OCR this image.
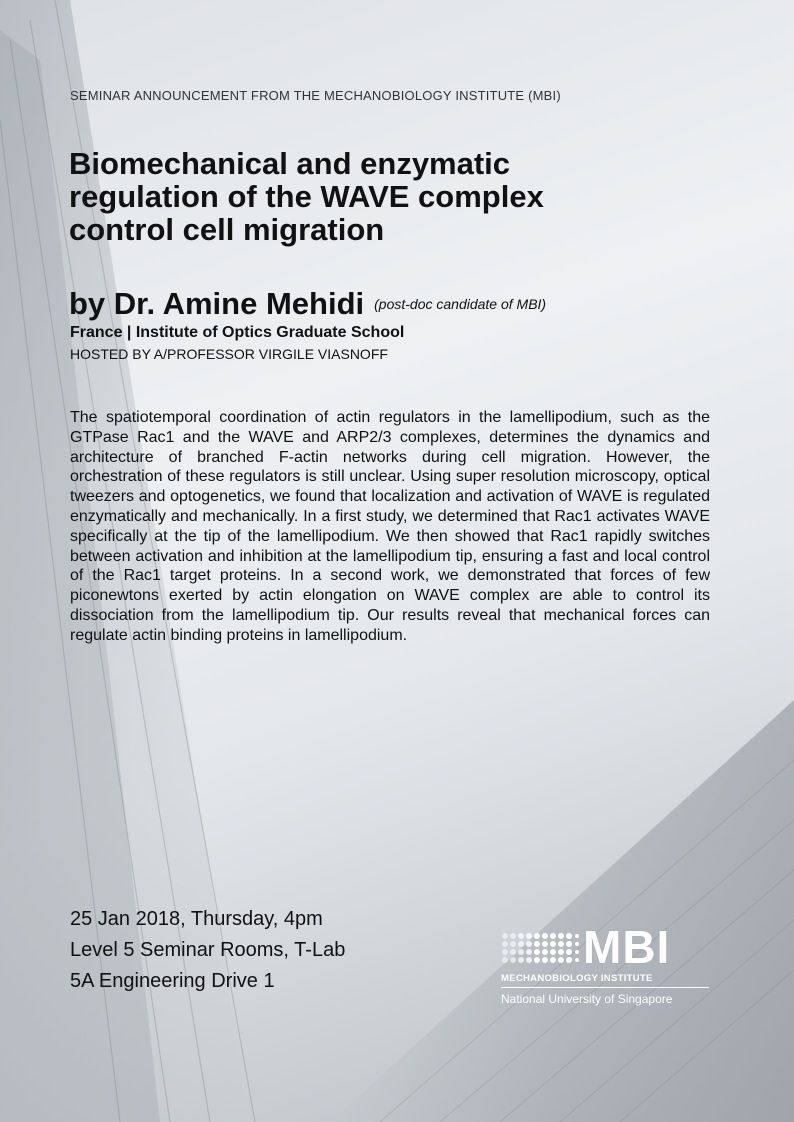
SEMINAR ANNOUNCEMENT FROM THE MECHANOBIOLOGY INSTITUTE (MBI)
Biomechanical and enzymatic
regulation of the WAVE complex
control cell migration
by Dr. Amine Mehidi (post-doc candidate of MBI)
France | Institute of Optics Graduate School
HOSTED BY A/PROFESSOR VIRGILE VIASNOFF
The spatiotemporal coordination of actin regulators in the lamellipodium, such as the GTPase Rac1 and the WAVE and ARP2/3 complexes, determines the dynamics and architecture of branched F-actin networks during cell migration. However, the orchestration of these regulators is still unclear. Using super resolution microscopy, optical tweezers and optogenetics, we found that localization and activation of WAVE is regulated enzymatically and mechanically. In a first study, we determined that Rac1 activates WAVE specifically at the tip of the lamellipodium. We then showed that Rac1 rapidly switches between activation and inhibition at the lamellipodium tip, ensuring a fast and local control of the Rac1 target proteins. In a second work, we demonstrated that forces of few piconewtons exerted by actin elongation on WAVE complex are able to control its dissociation from the lamellipodium tip. Our results reveal that mechanical forces can regulate actin binding proteins in lamellipodium.
25 Jan 2018, Thursday, 4pm
Level 5 Seminar Rooms, T-Lab
5A Engineering Drive 1
MBI
MECHANOBIOLOGY INSTITUTE
National University of Singapore
